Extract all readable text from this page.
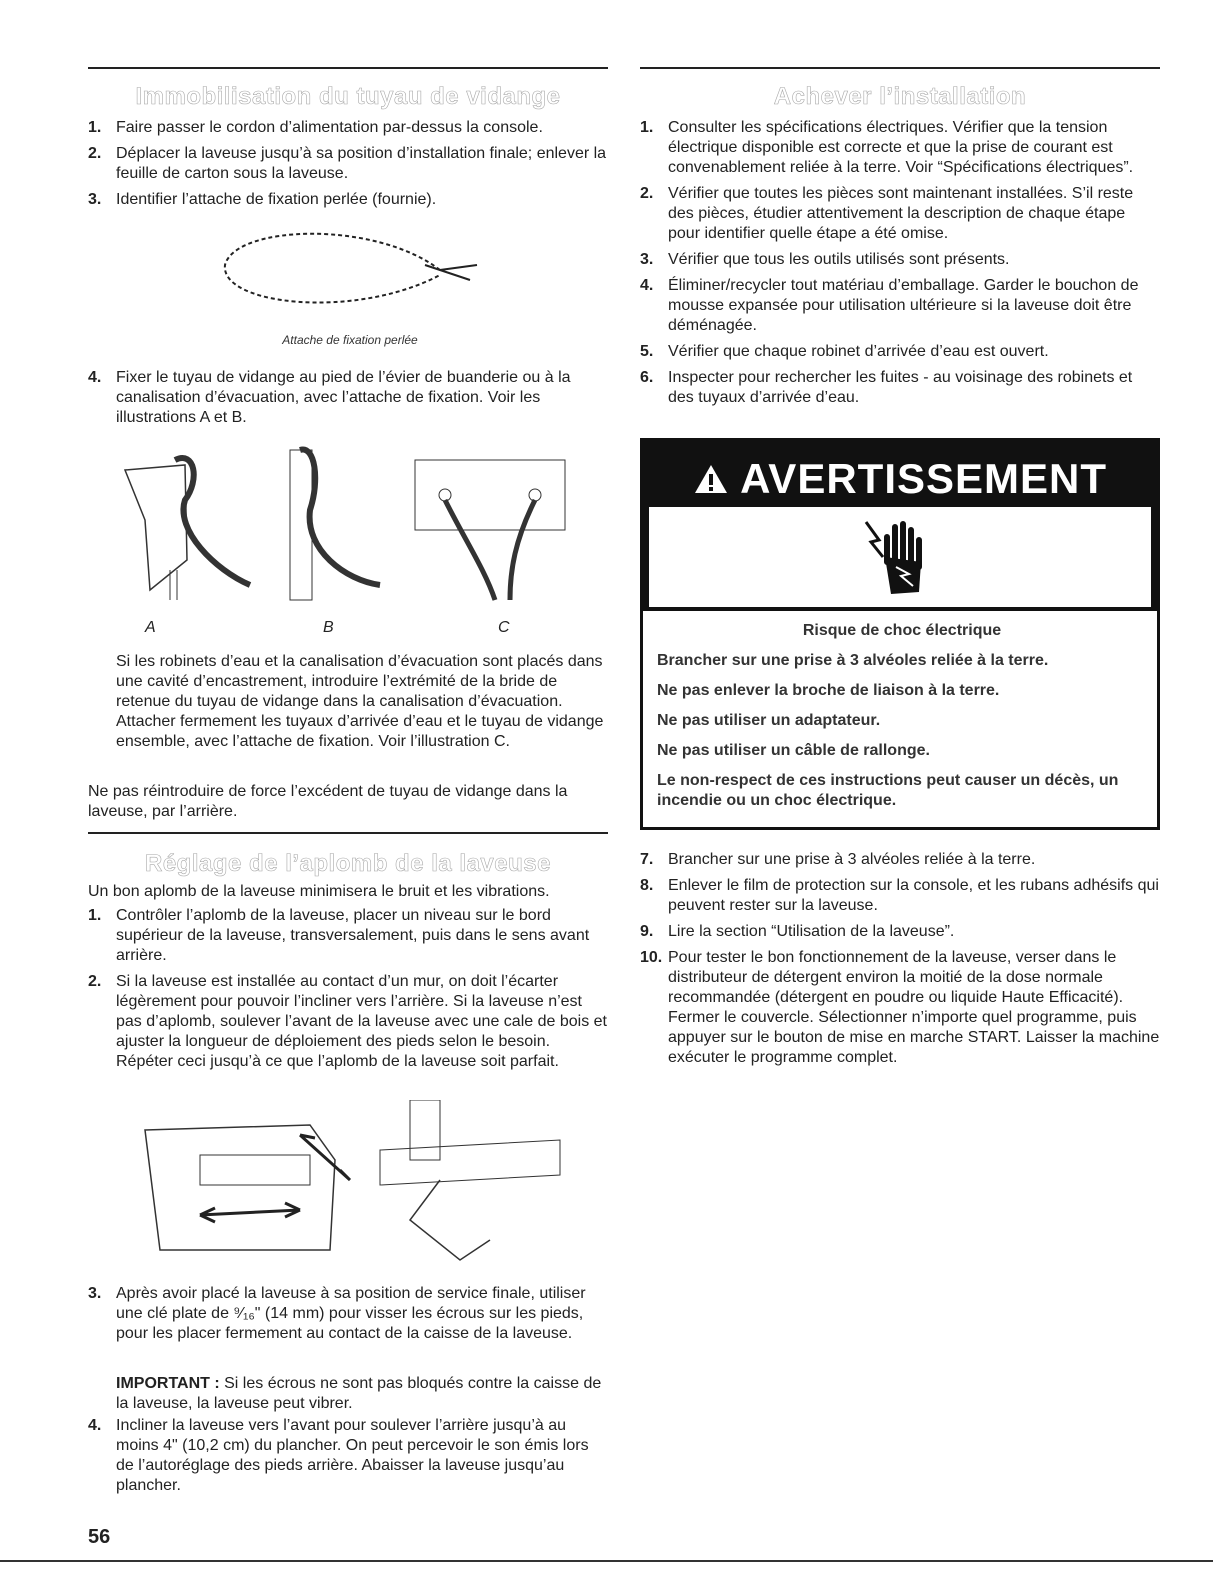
Immobilisation du tuyau de vidange
1. Faire passer le cordon d’alimentation par-dessus la console.
2. Déplacer la laveuse jusqu’à sa position d’installation finale; enlever la feuille de carton sous la laveuse.
3. Identifier l’attache de fixation perlée (fournie).
Attache de fixation perlée
4. Fixer le tuyau de vidange au pied de l’évier de buanderie ou à la canalisation d’évacuation, avec l’attache de fixation. Voir les illustrations A et B.
A	B	C

Si les robinets d’eau et la canalisation d’évacuation sont placés dans une cavité d’encastrement, introduire l’extrémité de la bride de retenue du tuyau de vidange dans la canalisation d’évacuation. Attacher fermement les tuyaux d’arrivée d’eau et le tuyau de vidange ensemble, avec l’attache de fixation. Voir l’illustration C.

Ne pas réintroduire de force l’excédent de tuyau de vidange dans la laveuse, par l’arrière.

Réglage de l’aplomb de la laveuse

Un bon aplomb de la laveuse minimisera le bruit et les vibrations.

1. Contrôler l’aplomb de la laveuse, placer un niveau sur le bord supérieur de la laveuse, transversalement, puis dans le sens avant arrière.
2. Si la laveuse est installée au contact d’un mur, on doit l’écarter légèrement pour pouvoir l’incliner vers l’arrière. Si la laveuse n’est pas d’aplomb, soulever l’avant de la laveuse avec une cale de bois et ajuster la longueur de déploiement des pieds selon le besoin. Répéter ceci jusqu’à ce que l’aplomb de la laveuse soit parfait.
3. Après avoir placé la laveuse à sa position de service finale, utiliser une clé plate de ⁹⁄₁₆" (14 mm) pour visser les écrous sur les pieds, pour les placer fermement au contact de la caisse de la laveuse.

IMPORTANT : Si les écrous ne sont pas bloqués contre la caisse de la laveuse, la laveuse peut vibrer.

4. Incliner la laveuse vers l’avant pour soulever l’arrière jusqu’à au moins 4" (10,2 cm) du plancher. On peut percevoir le son émis lors de l’autoréglage des pieds arrière. Abaisser la laveuse jusqu’au plancher.
56
Achever l’installation
1. Consulter les spécifications électriques. Vérifier que la tension électrique disponible est correcte et que la prise de courant est convenablement reliée à la terre. Voir “Spécifications électriques”.
2. Vérifier que toutes les pièces sont maintenant installées. S’il reste des pièces, étudier attentivement la description de chaque étape pour identifier quelle étape a été omise.
3. Vérifier que tous les outils utilisés sont présents.
4. Éliminer/recycler tout matériau d’emballage. Garder le bouchon de mousse expansée pour utilisation ultérieure si la laveuse doit être déménagée.
5. Vérifier que chaque robinet d’arrivée d’eau est ouvert.
6. Inspecter pour rechercher les fuites - au voisinage des robinets et des tuyaux d’arrivée d’eau.
AVERTISSEMENT

Risque de choc électrique

Brancher sur une prise à 3 alvéoles reliée à la terre.

Ne pas enlever la broche de liaison à la terre.

Ne pas utiliser un adaptateur.

Ne pas utiliser un câble de rallonge.

Le non-respect de ces instructions peut causer un décès, un incendie ou un choc électrique.

7. Brancher sur une prise à 3 alvéoles reliée à la terre.
8. Enlever le film de protection sur la console, et les rubans adhésifs qui peuvent rester sur la laveuse.
9. Lire la section “Utilisation de la laveuse”.
10. Pour tester le bon fonctionnement de la laveuse, verser dans le distributeur de détergent environ la moitié de la dose normale recommandée (détergent en poudre ou liquide Haute Efficacité). Fermer le couvercle. Sélectionner n’importe quel programme, puis appuyer sur le bouton de mise en marche START. Laisser la machine exécuter le programme complet.
